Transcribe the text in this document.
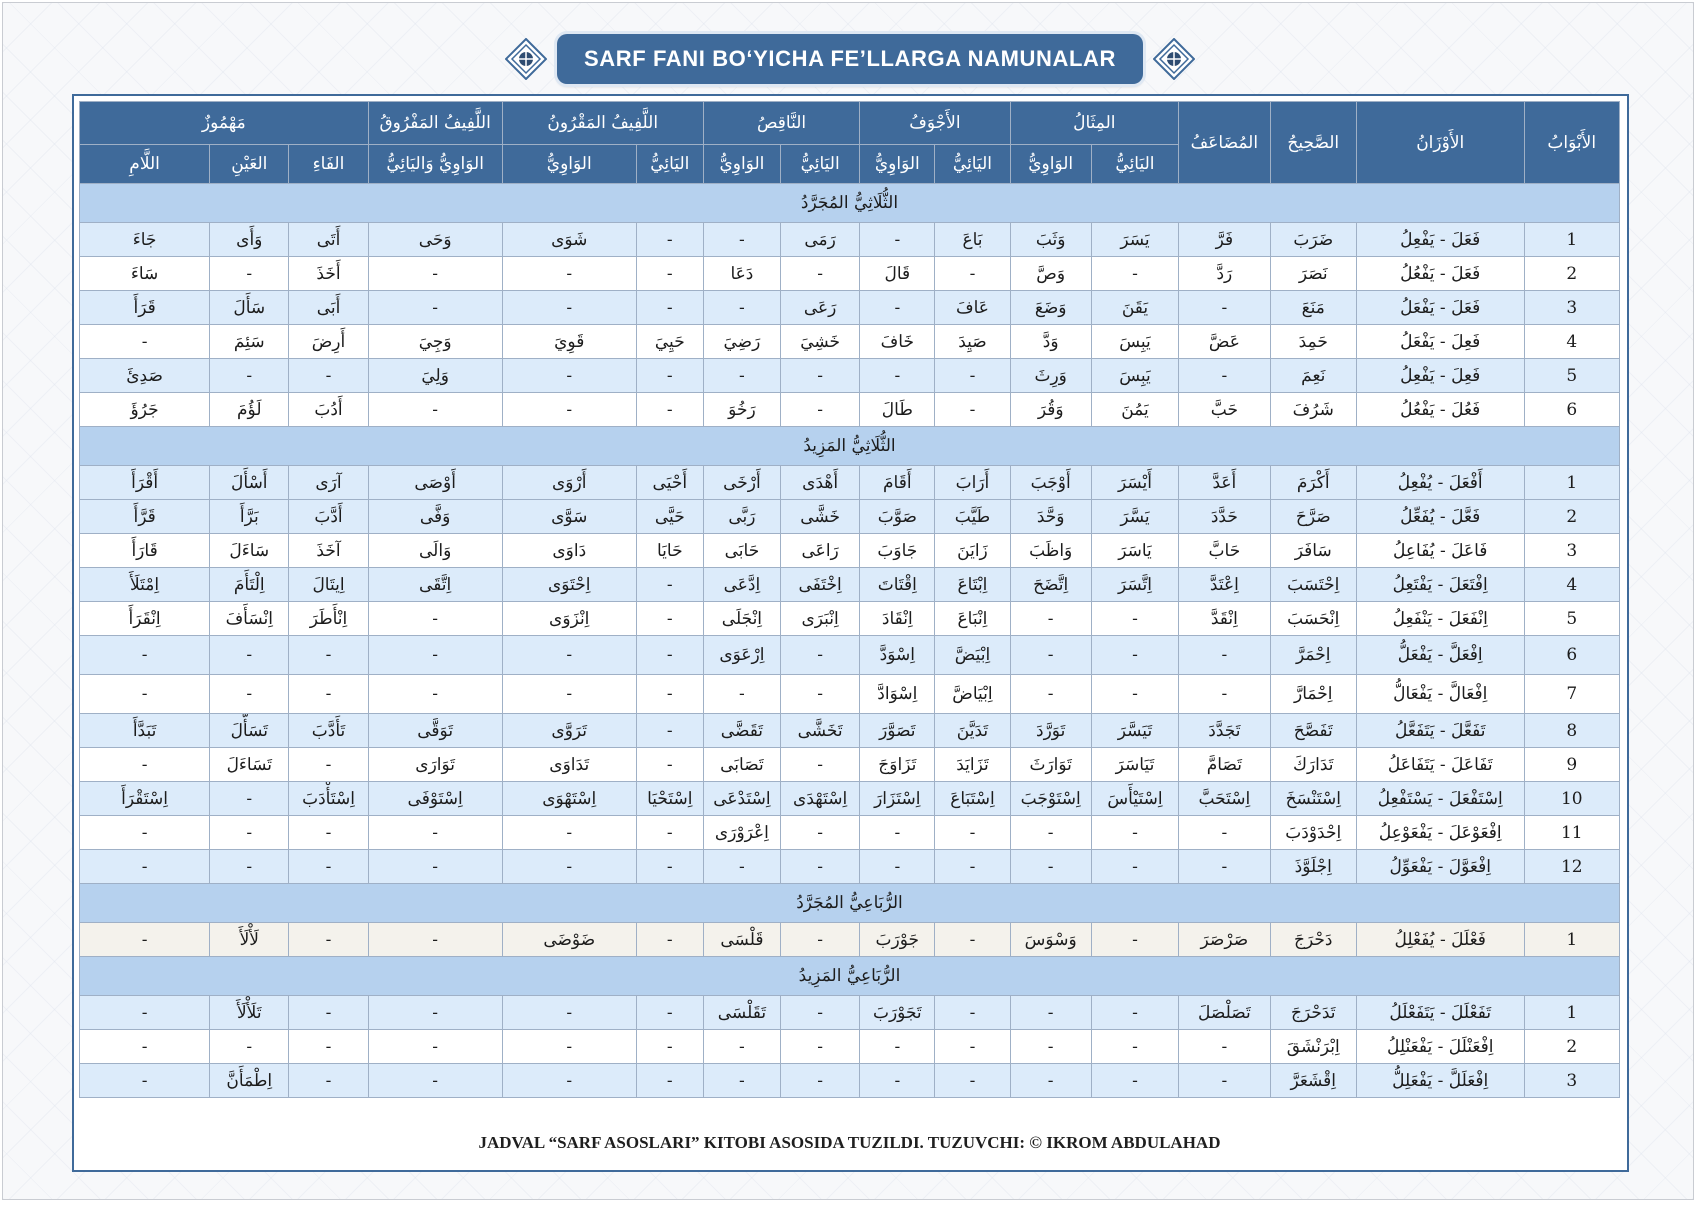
SARF FANI BO‘YICHA FE’LLARGA NAMUNALAR
الأَبْوَابُ	الأَوْزَانُ	الصَّحِيحُ	المُضَاعَفُ	المِثَالُ		الأَجْوَفُ		النَّاقِصُ		اللَّفِيفُ المَقْرُونُ		اللَّفِيفُ المَفْرُوقُ	مَهْمُوزٌ		
				اليَائِيُّ	الوَاوِيُّ	اليَائِيُّ	الوَاوِيُّ	اليَائِيُّ	الوَاوِيُّ	اليَائِيُّ	الوَاوِيُّ	الوَاوِيُّ وَاليَائِيُّ	الفَاءِ	العَيْنِ	اللَّامِ
الثُّلَاثِيُّ المُجَرَّدُ															
1	فَعَلَ - يَفْعِلُ	ضَرَبَ	فَرَّ	يَسَرَ	وَثَبَ	بَاعَ	-	رَمَى	-	-	شَوَى	وَحَى	أَتَى	وَأَى	جَاءَ
2	فَعَلَ - يَفْعُلُ	نَصَرَ	رَدَّ	-	وَصَّ	-	قَالَ	-	دَعَا	-	-	-	أَخَذَ	-	سَاءَ
3	فَعَلَ - يَفْعَلُ	مَنَعَ	-	يَقَنَ	وَضَعَ	عَافَ	-	رَعَى	-	-	-	-	أَبَى	سَأَلَ	قَرَأَ
4	فَعِلَ - يَفْعَلُ	حَمِدَ	عَضَّ	يَبِسَ	وَدَّ	صَيِدَ	خَافَ	خَشِيَ	رَضِيَ	حَيِيَ	قَوِيَ	وَجِيَ	أَرِضَ	سَئِمَ	-
5	فَعِلَ - يَفْعِلُ	نَعِمَ	-	يَبِسَ	وَرِثَ	-	-	-	-	-	-	وَلِيَ	-	-	صَدِئَ
6	فَعُلَ - يَفْعُلُ	شَرُفَ	حَبَّ	يَمُنَ	وَقُرَ	-	طَالَ	-	رَخُوَ	-	-	-	أَدُبَ	لَؤُمَ	جَرُؤَ
الثُّلَاثِيُّ المَزِيدُ															
1	أَفْعَلَ - يُفْعِلُ	أَكْرَمَ	أَعَدَّ	أَيْسَرَ	أَوْجَبَ	أَرَابَ	أَقَامَ	أَهْدَى	أَرْخَى	أَحْيَى	أَرْوَى	أَوْصَى	آرَى	أَسْأَلَ	أَقْرَأَ
2	فَعَّلَ - يُفَعِّلُ	صَرَّحَ	حَدَّدَ	يَسَّرَ	وَحَّدَ	طَيَّبَ	صَوَّبَ	خَشَّى	رَبَّى	حَيَّى	سَوَّى	وَفَّى	أَدَّبَ	بَرَّأَ	قَرَّأَ
3	فَاعَلَ - يُفَاعِلُ	سَافَرَ	حَابَّ	يَاسَرَ	وَاظَبَ	زَايَنَ	جَاوَبَ	رَاعَى	حَابَى	حَايَا	دَاوَى	وَالَى	آخَذَ	سَاءَلَ	قَارَأَ
4	اِفْتَعَلَ - يَفْتَعِلُ	اِحْتَسَبَ	اِعْتَدَّ	اِتَّسَرَ	اِتَّضَحَ	اِبْتَاعَ	اِقْتَاتَ	اِخْتَفَى	اِدَّعَى	-	اِحْتَوَى	اِتَّقَى	اِيتَالَ	اِلْتَأَمَ	اِمْتَلَأَ
5	اِنْفَعَلَ - يَنْفَعِلُ	اِنْحَسَبَ	اِنْقَدَّ	-	-	اِنْبَاعَ	اِنْقَادَ	اِنْبَرَى	اِنْجَلَى	-	اِنْزَوَى	-	اِنْأَطَرَ	اِنْسَأَفَ	اِنْقَرَأَ
6	اِفْعَلَّ - يَفْعَلُّ	اِحْمَرَّ	-	-	-	اِبْيَضَّ	اِسْوَدَّ	-	اِرْعَوَى	-	-	-	-	-	-
7	اِفْعَالَّ - يَفْعَالُّ	اِحْمَارَّ	-	-	-	اِبْيَاضَّ	اِسْوَادَّ	-	-	-	-	-	-	-	-
8	تَفَعَّلَ - يَتَفَعَّلُ	تَفَصَّحَ	تَجَدَّدَ	تَيَسَّرَ	تَوَرَّدَ	تَدَيَّنَ	تَصَوَّرَ	تَخَشَّى	تَقَضَّى	-	تَرَوَّى	تَوَقَّى	تَأَدَّبَ	تَسَأَّلَ	تَبَدَّأَ
9	تَفَاعَلَ - يَتَفَاعَلُ	تَدَارَكَ	تَصَامَّ	تَيَاسَرَ	تَوَارَثَ	تَزَايَدَ	تَزَاوَجَ	-	تَصَابَى	-	تَدَاوَى	تَوَارَى	-	تَسَاءَلَ	-
10	اِسْتَفْعَلَ - يَسْتَفْعِلُ	اِسْتَنْسَخَ	اِسْتَحَبَّ	اِسْتَيْأَسَ	اِسْتَوْجَبَ	اِسْتَبَاعَ	اِسْتَزَارَ	اِسْتَهْدَى	اِسْتَدْعَى	اِسْتَحْيَا	اِسْتَهْوَى	اِسْتَوْفَى	اِسْتَأْدَبَ	-	اِسْتَقْرَأَ
11	اِفْعَوْعَلَ - يَفْعَوْعِلُ	اِحْدَوْدَبَ	-	-	-	-	-	-	اِعْرَوْرَى	-	-	-	-	-	-
12	اِفْعَوَّلَ - يَفْعَوِّلُ	اِجْلَوَّذَ	-	-	-	-	-	-	-	-	-	-	-	-	-
الرُّبَاعِيُّ المُجَرَّدُ															
1	فَعْلَلَ - يُفَعْلِلُ	دَحْرَجَ	صَرْصَرَ	-	وَسْوَسَ	-	جَوْرَبَ	-	قَلْسَى	-	ضَوْضَى	-	-	لَأْلَأَ	-
الرُّبَاعِيُّ المَزِيدُ															
1	تَفَعْلَلَ - يَتَفَعْلَلُ	تَدَحْرَجَ	تَصَلْصَلَ	-	-	-	تَجَوْرَبَ	-	تَقَلْسَى	-	-	-	-	تَلَأْلَأَ	-
2	اِفْعَنْلَلَ - يَفْعَنْلِلُ	اِبْرَنْشَقَ	-	-	-	-	-	-	-	-	-	-	-	-	-
3	اِفْعَلَلَّ - يَفْعَلِلُّ	اِقْشَعَرَّ	-	-	-	-	-	-	-	-	-	-	-	اِطْمَأَنَّ	-
JADVAL “SARF ASOSLARI” KITOBI ASOSIDA TUZILDI. TUZUVCHI: © IKROM ABDULAHAD
